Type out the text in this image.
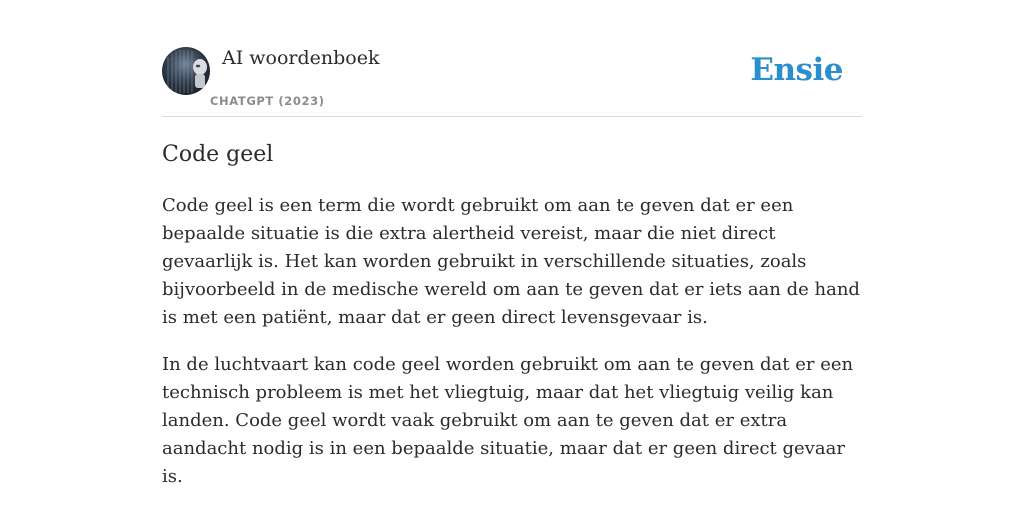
AI woordenboek
CHATGPT (2023)
Ensie
Code geel

Code geel is een term die wordt gebruikt om aan te geven dat er een bepaalde situatie is die extra alertheid vereist, maar die niet direct gevaarlijk is. Het kan worden gebruikt in verschillende situaties, zoals bijvoorbeeld in de medische wereld om aan te geven dat er iets aan de hand is met een patiënt, maar dat er geen direct levensgevaar is.

In de luchtvaart kan code geel worden gebruikt om aan te geven dat er een technisch probleem is met het vliegtuig, maar dat het vliegtuig veilig kan landen. Code geel wordt vaak gebruikt om aan te geven dat er extra aandacht nodig is in een bepaalde situatie, maar dat er geen direct gevaar is.
